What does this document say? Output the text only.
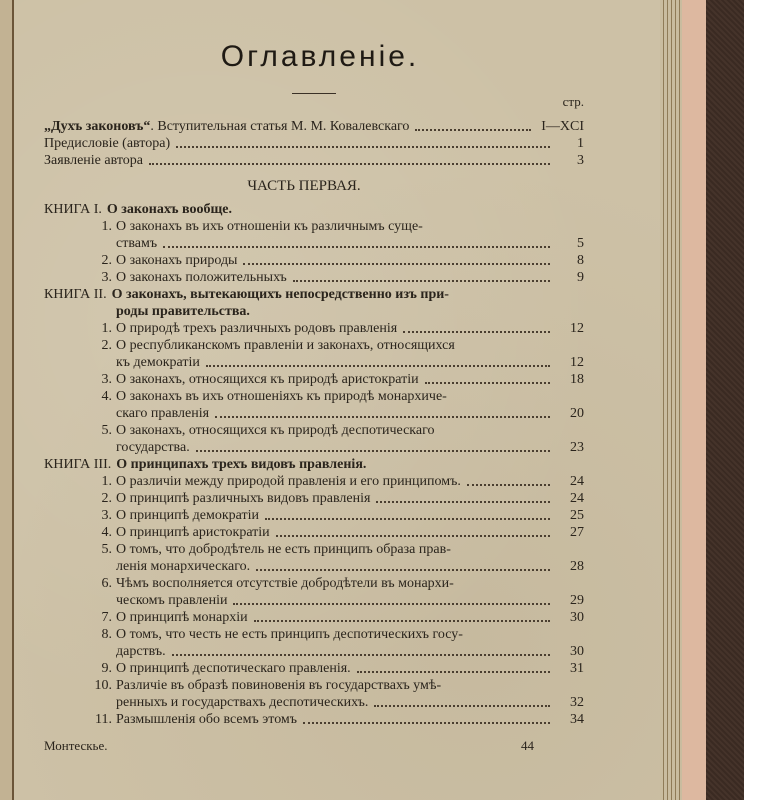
Оглавленіе.
стр.
„Духъ законовъ“. Вступительная статья М. М. Ковалевскаго	I—XCI
Предисловіе (автора)	1
Заявленіе автора	3
ЧАСТЬ ПЕРВАЯ.
КНИГА I. О законахъ вообще.
1. О законахъ въ ихъ отношеніи къ различнымъ суще-
ствамъ	5
2. О законахъ природы	8
3. О законахъ положительныхъ	9
КНИГА II. О законахъ, вытекающихъ непосредственно изъ при-
роды правительства.
1. О природѣ трехъ различныхъ родовъ правленія	12
2. О республиканскомъ правленіи и законахъ, относящихся
къ демократіи	12
3. О законахъ, относящихся къ природѣ аристократіи	18
4. О законахъ въ ихъ отношеніяхъ къ природѣ монархиче-
скаго правленія	20
5. О законахъ, относящихся къ природѣ деспотическаго
государства.	23
КНИГА III. О принципахъ трехъ видовъ правленія.
1. О различіи между природой правленія и его принципомъ.	24
2. О принципѣ различныхъ видовъ правленія	24
3. О принципѣ демократіи	25
4. О принципѣ аристократіи	27
5. О томъ, что добродѣтель не есть принципъ образа прав-
ленія монархическаго.	28
6. Чѣмъ восполняется отсутствіе добродѣтели въ монархи-
ческомъ правленіи	29
7. О принципѣ монархіи	30
8. О томъ, что честь не есть принципъ деспотическихъ госу-
дарствъ.	30
9. О принципѣ деспотическаго правленія.	31
10. Различіе въ образѣ повиновенія въ государствахъ умѣ-
ренныхъ и государствахъ деспотическихъ.	32
11. Размышленія обо всемъ этомъ	34
Монтескье.	44
